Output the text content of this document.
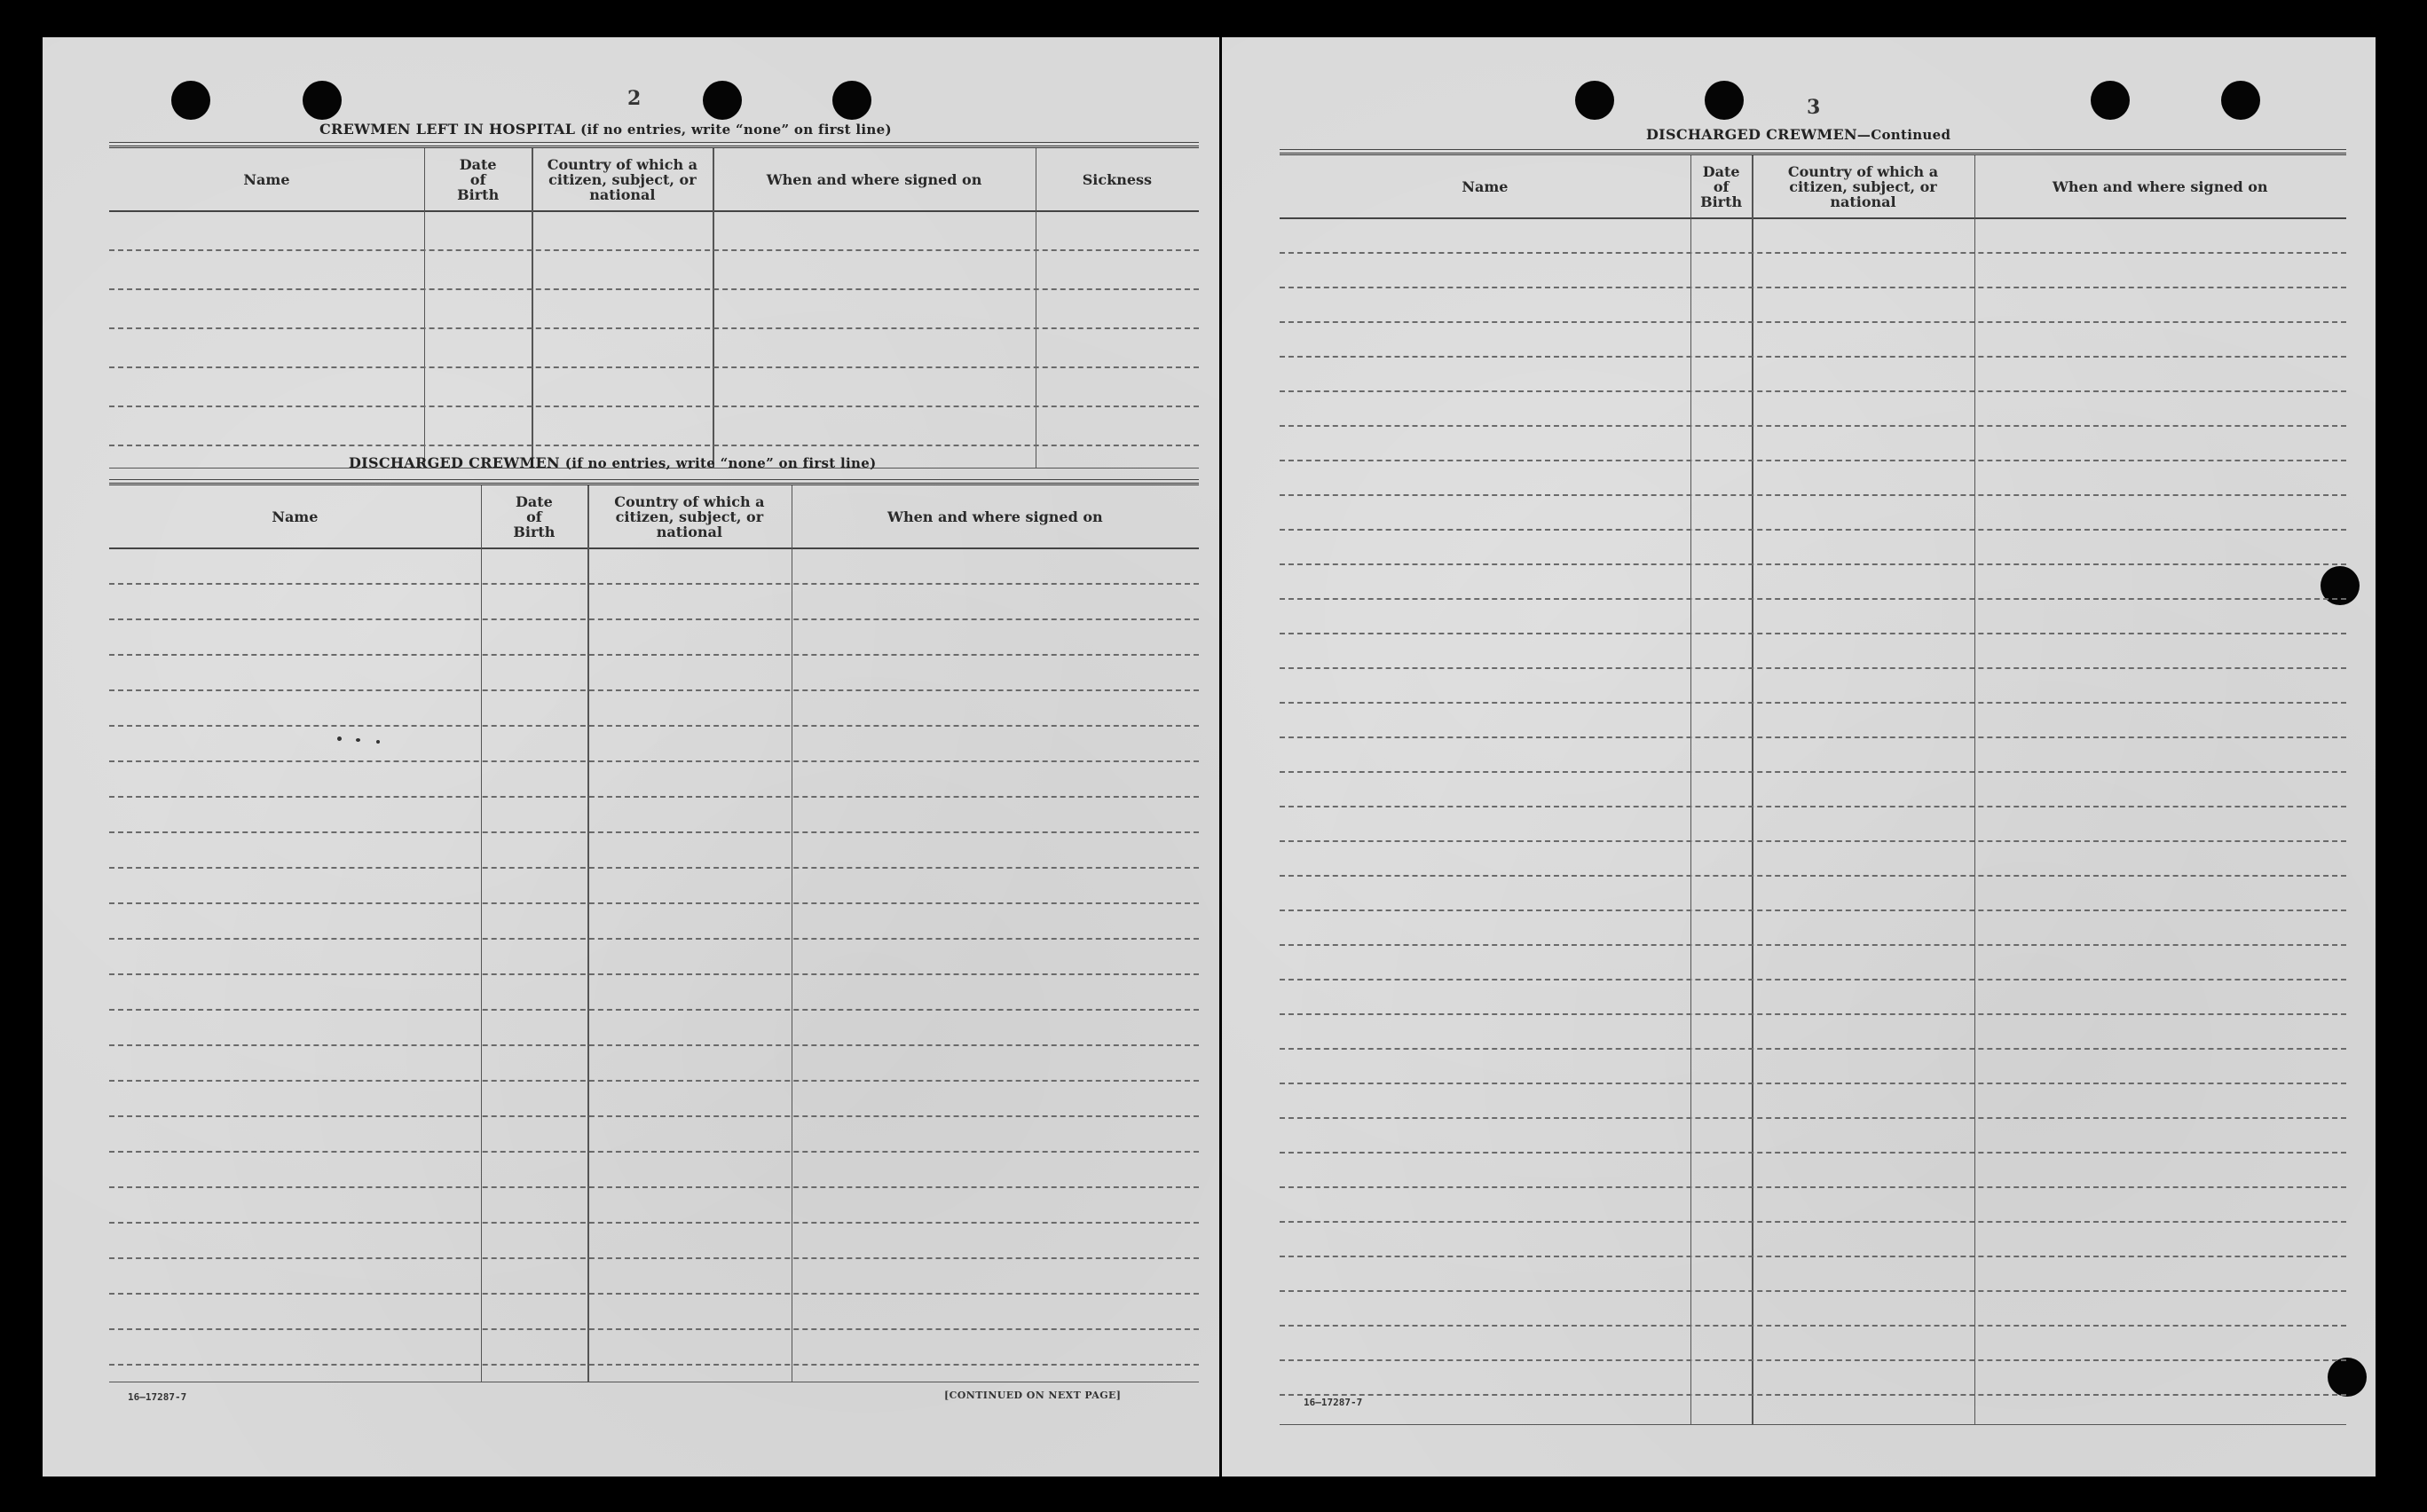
2
CREWMEN LEFT IN HOSPITAL (if no entries, write “none” on first line)
Name
Date
of
Birth
Country of which a
citizen, subject, or
national
When and where signed on	Sickness
DISCHARGED CREWMEN (if no entries, write “none” on first line)
Name
Date
of
Birth
Country of which a
citizen, subject, or
national
When and where signed on
16—17287-7	[CONTINUED ON NEXT PAGE]
3
DISCHARGED CREWMEN—Continued
Name
Date
of
Birth
Country of which a
citizen, subject, or
national
When and where signed on
16—17287-7
